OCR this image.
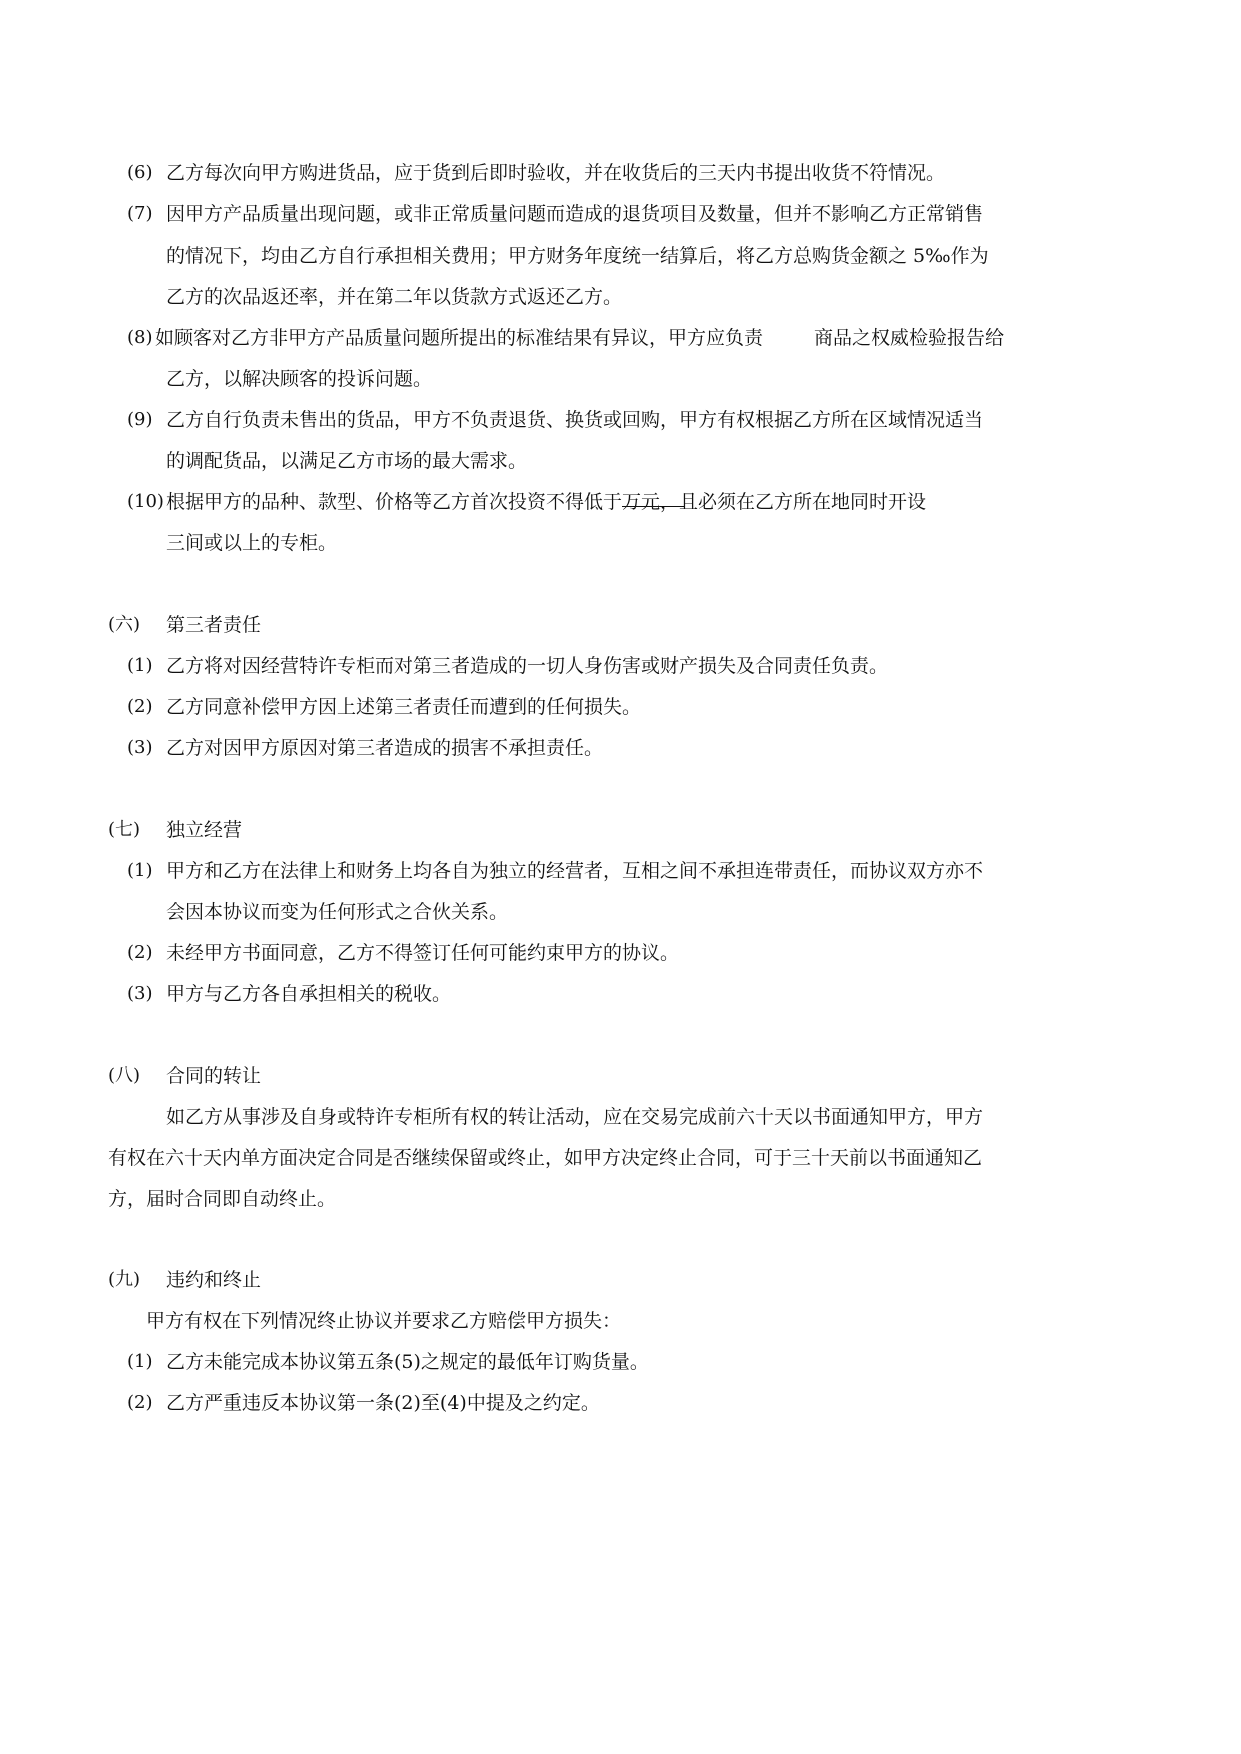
(6) 乙方每次向甲方购进货品，应于货到后即时验收，并在收货后的三天内书提出收货不符情况。
(7) 因甲方产品质量出现问题，或非正常质量问题而造成的退货项目及数量，但并不影响乙方正常销售
的情况下，均由乙方自行承担相关费用；甲方财务年度统一结算后，将乙方总购货金额之 5‰作为
乙方的次品返还率，并在第二年以货款方式返还乙方。
(8) 如顾客对乙方非甲方产品质量问题所提出的标准结果有异议，甲方应负责	商品之权威检验报告给
乙方，以解决顾客的投诉问题。
(9) 乙方自行负责未售出的货品，甲方不负责退货、换货或回购，甲方有权根据乙方所在区域情况适当
的调配货品，以满足乙方市场的最大需求。
(10) 根据甲方的品种、款型、价格等乙方首次投资不得低于
万元，且必须在乙方所在地同时开设
三间或以上的专柜。
(六) 第三者责任
(1) 乙方将对因经营特许专柜而对第三者造成的一切人身伤害或财产损失及合同责任负责。
(2) 乙方同意补偿甲方因上述第三者责任而遭到的任何损失。
(3) 乙方对因甲方原因对第三者造成的损害不承担责任。
(七) 独立经营
(1) 甲方和乙方在法律上和财务上均各自为独立的经营者，互相之间不承担连带责任，而协议双方亦不
会因本协议而变为任何形式之合伙关系。
(2) 未经甲方书面同意，乙方不得签订任何可能约束甲方的协议。
(3) 甲方与乙方各自承担相关的税收。
(八) 合同的转让
如乙方从事涉及自身或特许专柜所有权的转让活动，应在交易完成前六十天以书面通知甲方，甲方
有权在六十天内单方面决定合同是否继续保留或终止，如甲方决定终止合同，可于三十天前以书面通知乙
方，届时合同即自动终止。
(九) 违约和终止
甲方有权在下列情况终止协议并要求乙方赔偿甲方损失：
(1) 乙方未能完成本协议第五条(5)之规定的最低年订购货量。
(2) 乙方严重违反本协议第一条(2)至(4)中提及之约定。
